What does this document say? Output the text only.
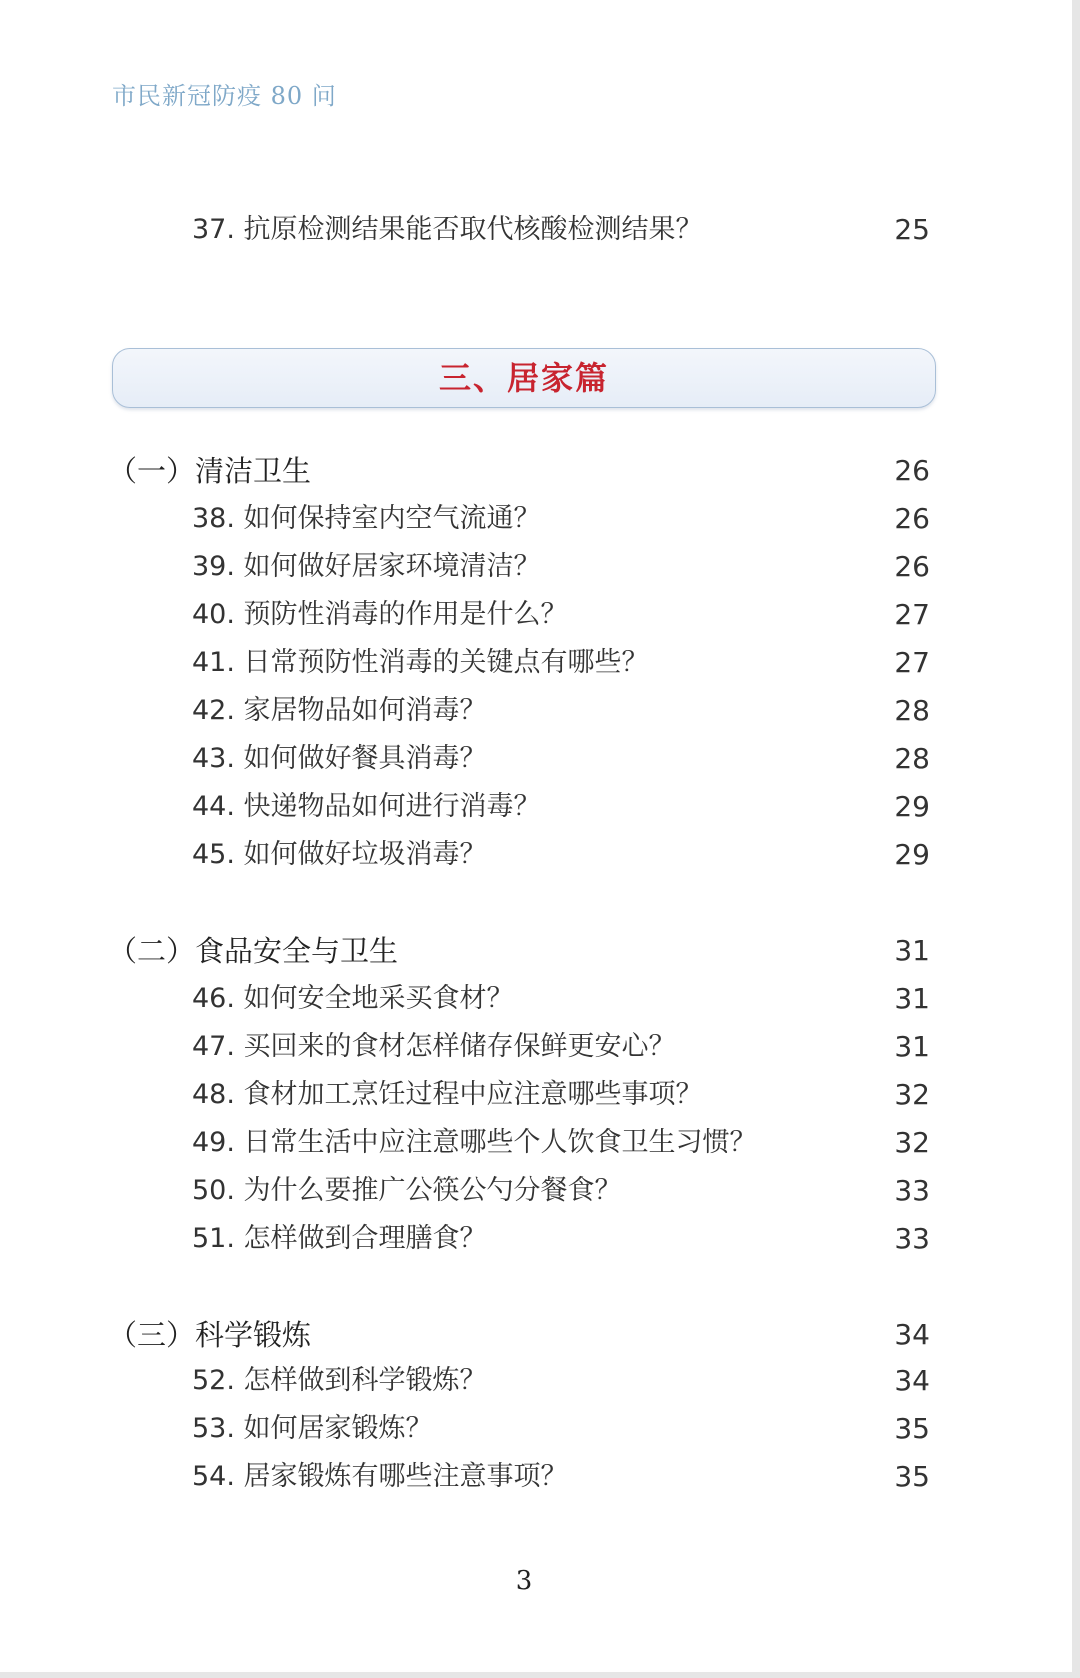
市民新冠防疫 80 问
37. 抗原检测结果能否取代核酸检测结果？	25
三、居家篇
（一）清洁卫生	26
38. 如何保持室内空气流通？	26
39. 如何做好居家环境清洁？	26
40. 预防性消毒的作用是什么？	27
41. 日常预防性消毒的关键点有哪些？	27
42. 家居物品如何消毒？	28
43. 如何做好餐具消毒？	28
44. 快递物品如何进行消毒？	29
45. 如何做好垃圾消毒？	29
（二）食品安全与卫生	31
46. 如何安全地采买食材？	31
47. 买回来的食材怎样储存保鲜更安心？	31
48. 食材加工烹饪过程中应注意哪些事项？	32
49. 日常生活中应注意哪些个人饮食卫生习惯？	32
50. 为什么要推广公筷公勺分餐食？	33
51. 怎样做到合理膳食？	33
（三）科学锻炼	34
52. 怎样做到科学锻炼？	34
53. 如何居家锻炼？	35
54. 居家锻炼有哪些注意事项？	35
3
